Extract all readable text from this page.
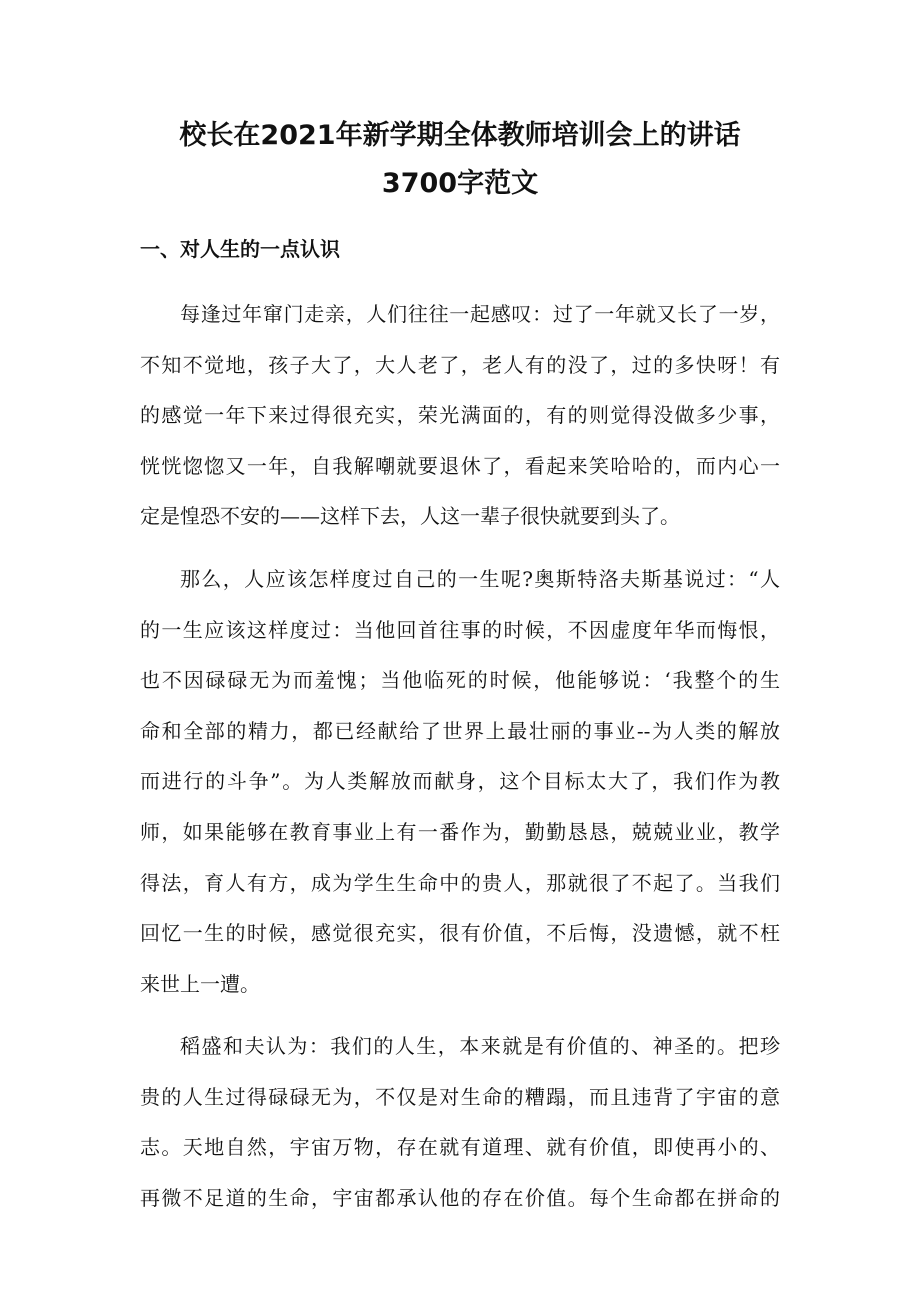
校长在2021年新学期全体教师培训会上的讲话
3700字范文
一、对人生的一点认识
每逢过年窜门走亲，人们往往一起感叹：过了一年就又长了一岁，
不知不觉地，孩子大了，大人老了，老人有的没了，过的多快呀！有
的感觉一年下来过得很充实，荣光满面的，有的则觉得没做多少事，
恍恍惚惚又一年，自我解嘲就要退休了，看起来笑哈哈的，而内心一
定是惶恐不安的——这样下去，人这一辈子很快就要到头了。
那么，人应该怎样度过自己的一生呢?奥斯特洛夫斯基说过：“人
的一生应该这样度过：当他回首往事的时候，不因虚度年华而悔恨，
也不因碌碌无为而羞愧；当他临死的时候，他能够说：‘我整个的生
命和全部的精力，都已经献给了世界上最壮丽的事业--为人类的解放
而进行的斗争”。为人类解放而献身，这个目标太大了，我们作为教
师，如果能够在教育事业上有一番作为，勤勤恳恳，兢兢业业，教学
得法，育人有方，成为学生生命中的贵人，那就很了不起了。当我们
回忆一生的时候，感觉很充实，很有价值，不后悔，没遗憾，就不枉
来世上一遭。
稻盛和夫认为：我们的人生，本来就是有价值的、神圣的。把珍
贵的人生过得碌碌无为，不仅是对生命的糟蹋，而且违背了宇宙的意
志。天地自然，宇宙万物，存在就有道理、就有价值，即使再小的、
再微不足道的生命，宇宙都承认他的存在价值。每个生命都在拼命的
